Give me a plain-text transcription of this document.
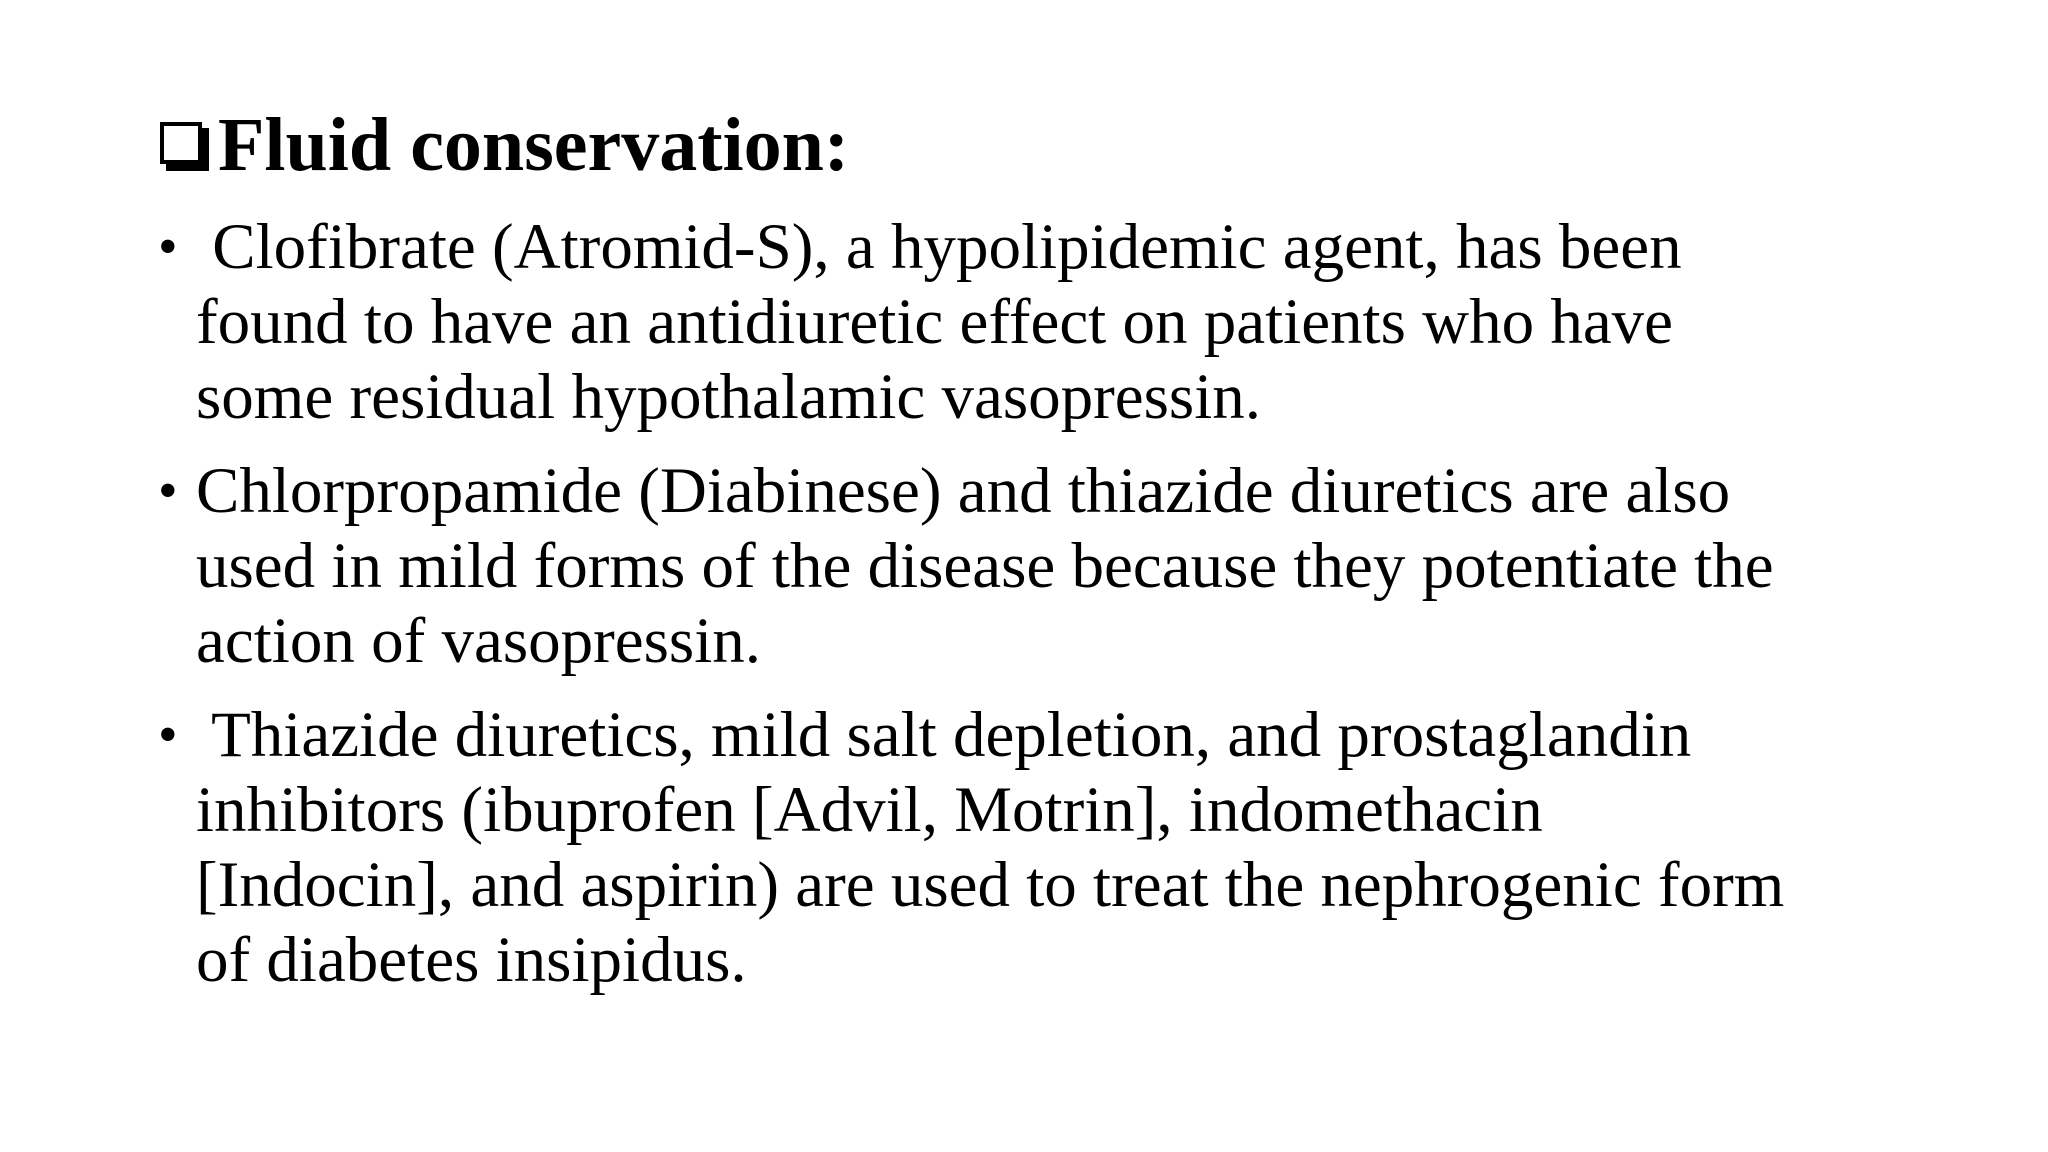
Fluid conservation:
• Clofibrate (Atromid-S), a hypolipidemic agent, has been
found to have an antidiuretic effect on patients who have
some residual hypothalamic vasopressin.
• Chlorpropamide (Diabinese) and thiazide diuretics are also
used in mild forms of the disease because they potentiate the
action of vasopressin.
• Thiazide diuretics, mild salt depletion, and prostaglandin
inhibitors (ibuprofen [Advil, Motrin], indomethacin
[Indocin], and aspirin) are used to treat the nephrogenic form
of diabetes insipidus.
